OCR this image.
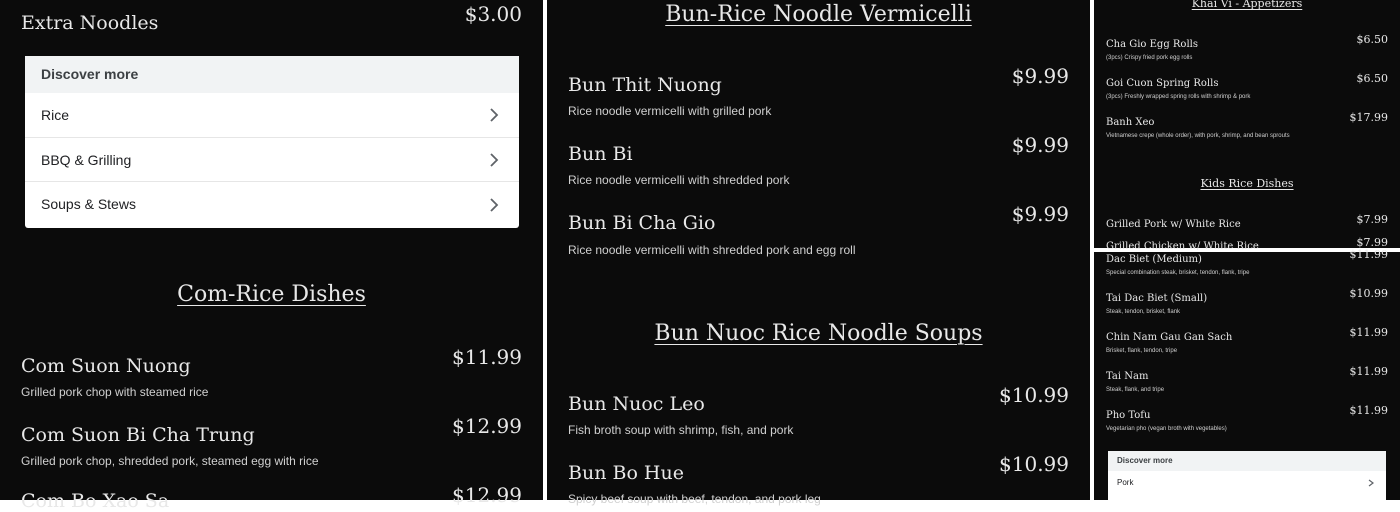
Extra Noodles	$3.00
Discover more
Rice
BBQ & Grilling
Soups & Stews
Com-Rice Dishes
Com Suon Nuong	$11.99
Grilled pork chop with steamed rice
Com Suon Bi Cha Trung	$12.99
Grilled pork chop, shredded pork, steamed egg with rice
Com Bo Xao Sa	$12.99
Bun-Rice Noodle Vermicelli
Bun Thit Nuong	$9.99
Rice noodle vermicelli with grilled pork
Bun Bi	$9.99
Rice noodle vermicelli with shredded pork
Bun Bi Cha Gio	$9.99
Rice noodle vermicelli with shredded pork and egg roll
Bun Nuoc Rice Noodle Soups
Bun Nuoc Leo	$10.99
Fish broth soup with shrimp, fish, and pork
Bun Bo Hue	$10.99
Spicy beef soup with beef, tendon, and pork leg
Khai Vi - Appetizers
Cha Gio Egg Rolls	$6.50
(3pcs) Crispy fried pork egg rolls
Goi Cuon Spring Rolls	$6.50
(3pcs) Freshly wrapped spring rolls with shrimp & pork
Banh Xeo	$17.99
Vietnamese crepe (whole order), with pork, shrimp, and bean sprouts
Kids Rice Dishes
Grilled Pork w/ White Rice	$7.99
Grilled Chicken w/ White Rice	$7.99
Dac Biet (Medium)	$11.99
Special combination steak, brisket, tendon, flank, tripe
Tai Dac Biet (Small)	$10.99
Steak, tendon, brisket, flank
Chin Nam Gau Gan Sach	$11.99
Brisket, flank, tendon, tripe
Tai Nam	$11.99
Steak, flank, and tripe
Pho Tofu	$11.99
Vegetarian pho (vegan broth with vegetables)
Discover more
Pork
